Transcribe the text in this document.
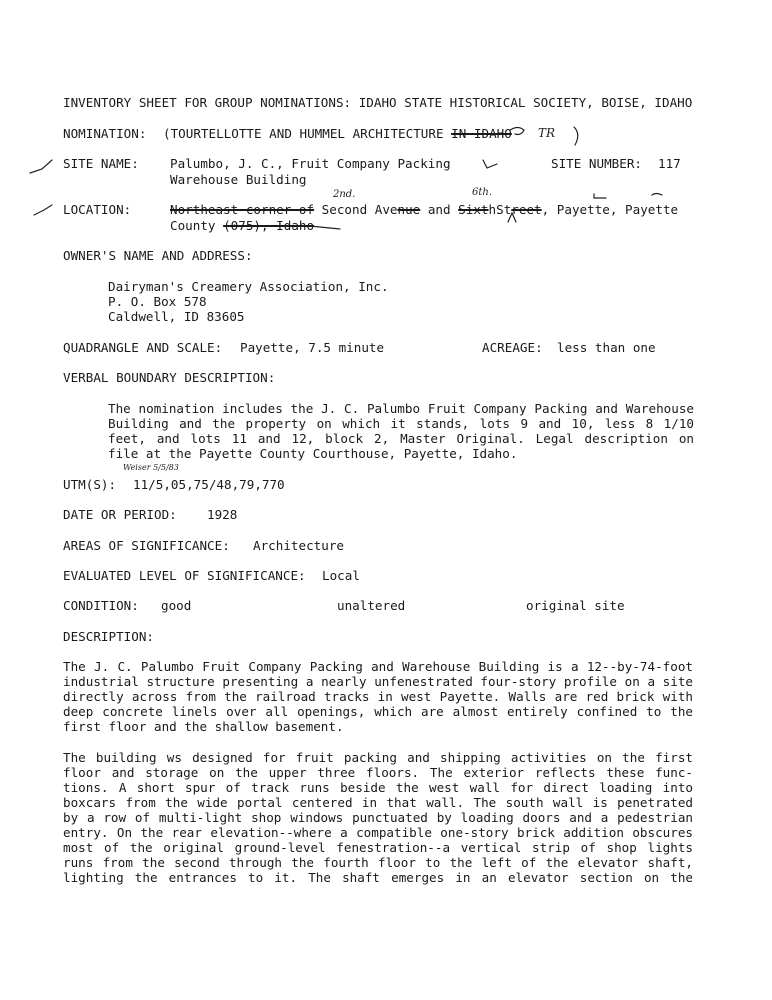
INVENTORY SHEET FOR GROUP NOMINATIONS: IDAHO STATE HISTORICAL SOCIETY, BOISE, IDAHO
NOMINATION: (TOURTELLOTTE AND HUMMEL ARCHITECTURE IN IDAHO TR
SITE NAME: Palumbo, J. C., Fruit Company Packing
Warehouse Building
SITE NUMBER: 117
2nd.	6th.
LOCATION:	Northeast corner of Second Avenue and SixthStreet, Payette, Payette
County (075), Idaho
OWNER'S NAME AND ADDRESS:
Dairyman's Creamery Association, Inc.
P. O. Box 578
Caldwell, ID 83605
QUADRANGLE AND SCALE: Payette, 7.5 minute	ACREAGE: less than one
VERBAL BOUNDARY DESCRIPTION:
The nomination includes the J. C. Palumbo Fruit Company Packing and Warehouse
Building and the property on which it stands, lots 9 and 10, less 8 1/10
feet, and lots 11 and 12, block 2, Master Original. Legal description on
file at the Payette County Courthouse, Payette, Idaho.
Weiser 5/5/83
UTM(S): 11/5,05,75/48,79,770
DATE OR PERIOD: 1928
AREAS OF SIGNIFICANCE: Architecture
EVALUATED LEVEL OF SIGNIFICANCE: Local
CONDITION: good	unaltered	original site
DESCRIPTION:
The J. C. Palumbo Fruit Company Packing and Warehouse Building is a 12--by-74-foot
industrial structure presenting a nearly unfenestrated four-story profile on a site
directly across from the railroad tracks in west Payette. Walls are red brick with
deep concrete linels over all openings, which are almost entirely confined to the
first floor and the shallow basement.
The building ws designed for fruit packing and shipping activities on the first
floor and storage on the upper three floors. The exterior reflects these func-
tions. A short spur of track runs beside the west wall for direct loading into
boxcars from the wide portal centered in that wall. The south wall is penetrated
by a row of multi-light shop windows punctuated by loading doors and a pedestrian
entry. On the rear elevation--where a compatible one-story brick addition obscures
most of the original ground-level fenestration--a vertical strip of shop lights
runs from the second through the fourth floor to the left of the elevator shaft,
lighting the entrances to it. The shaft emerges in an elevator section on the
